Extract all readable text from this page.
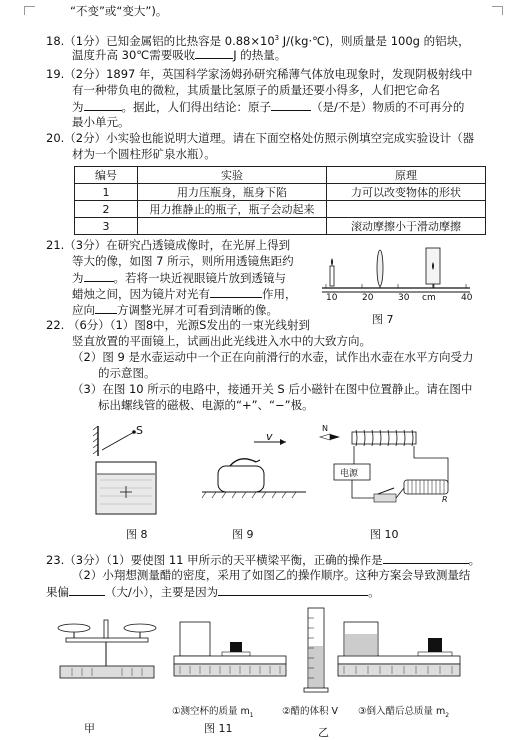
“不变”或“变大”)。
18.（1分）已知金属铝的比热容是 $0.88\times 10^3$ J/(kg·℃)，则质量是 100g 的铝块，
温度升高 30℃需要吸收	J 的热量。
19.（2分）1897 年，英国科学家汤姆孙研究稀薄气体放电现象时，发现阴极射线中
有一种带负电的微粒，其质量比氢原子的质量还要小得多，人们把它命名
为	。据此，人们得出结论：原子	（是/不是）物质的不可再分的
最小单元。
20.（2分）小实验也能说明大道理。请在下面空格处仿照示例填空完成实验设计（器
材为一个圆柱形矿泉水瓶）。
编号	实验	原理
1	用力压瓶身，瓶身下陷	力可以改变物体的形状
2	用力推静止的瓶子，瓶子会动起来	
3		滚动摩擦小于滑动摩擦
21.（3分）在研究凸透镜成像时，在光屏上得到
等大的像，如图 7 所示，则所用透镜焦距约
为	。若将一块近视眼镜片放到透镜与
蜡烛之间，因为镜片对光有	作用，
应向 方调整光屏才可看到清晰的像。
10	20	30 cm	40
图 7
22. （6分）（1）图8中，光源S发出的一束光线射到
竖直放置的平面镜上，试画出此光线进入水中的大致方向。
（2）图 9 是水壶运动中一个正在向前滑行的水壶，试作出水壶在水平方向受力
的示意图。
（3）在图 10 所示的电路中，接通开关 S 后小磁针在图中位置静止。请在图中
标出螺线管的磁极、电源的“+”、“−”极。
S	v
N
电源
R
图 8	图 9	图 10
23.（3分）（1）要使图 11 甲所示的天平横梁平衡，正确的操作是	。
（2）小翔想测量醋的密度，采用了如图乙的操作顺序。这种方案会导致测量结
果偏	（大/小），主要是因为	。
①测空杯的质量 $m_1$	②醋的体积 V ③倒入醋后总质量 $m_2$
甲	图 11	乙
